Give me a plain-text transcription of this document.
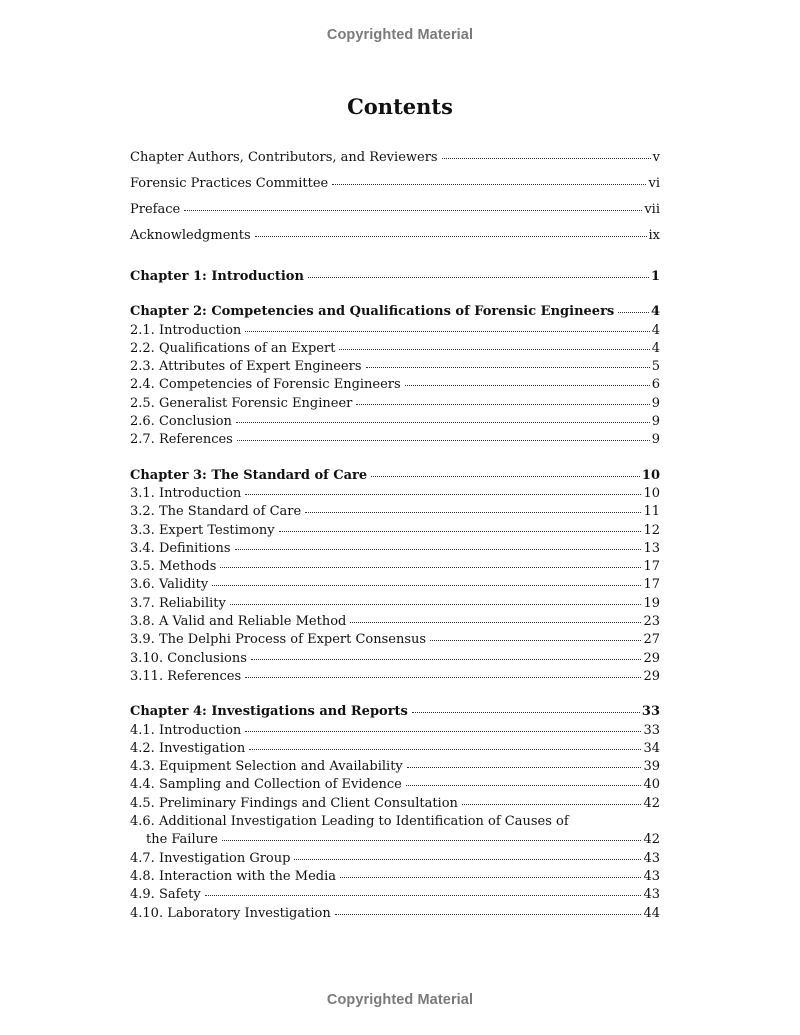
Copyrighted Material
Contents
Chapter Authors, Contributors, and Reviewers	v
Forensic Practices Committee	vi
Preface	vii
Acknowledgments	ix
Chapter 1: Introduction	1
Chapter 2: Competencies and Qualifications of Forensic Engineers	4
2.1. Introduction	4
2.2. Qualifications of an Expert	4
2.3. Attributes of Expert Engineers	5
2.4. Competencies of Forensic Engineers	6
2.5. Generalist Forensic Engineer	9
2.6. Conclusion	9
2.7. References	9
Chapter 3: The Standard of Care	10
3.1. Introduction	10
3.2. The Standard of Care	11
3.3. Expert Testimony	12
3.4. Definitions	13
3.5. Methods	17
3.6. Validity	17
3.7. Reliability	19
3.8. A Valid and Reliable Method	23
3.9. The Delphi Process of Expert Consensus	27
3.10. Conclusions	29
3.11. References	29
Chapter 4: Investigations and Reports	33
4.1. Introduction	33
4.2. Investigation	34
4.3. Equipment Selection and Availability	39
4.4. Sampling and Collection of Evidence	40
4.5. Preliminary Findings and Client Consultation	42
4.6. Additional Investigation Leading to Identification of Causes of
the Failure	42
4.7. Investigation Group	43
4.8. Interaction with the Media	43
4.9. Safety	43
4.10. Laboratory Investigation	44
Copyrighted Material
